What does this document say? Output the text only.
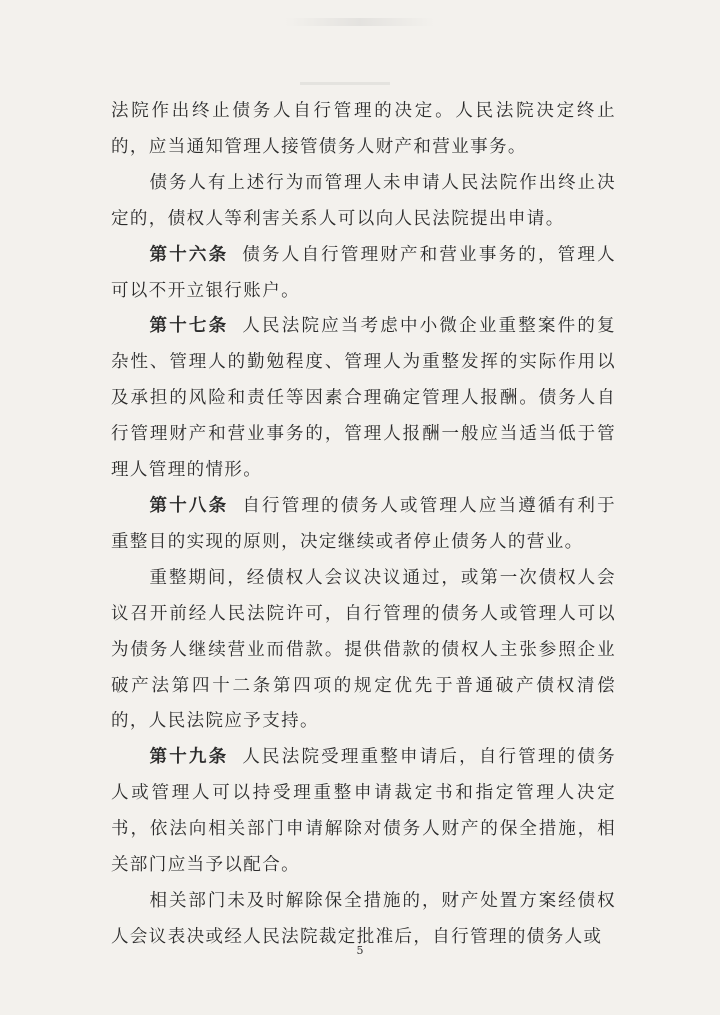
法院作出终止债务人自行管理的决定。人民法院决定终止的，应当通知管理人接管债务人财产和营业事务。

债务人有上述行为而管理人未申请人民法院作出终止决定的，债权人等利害关系人可以向人民法院提出申请。

第十六条 债务人自行管理财产和营业事务的，管理人可以不开立银行账户。

第十七条 人民法院应当考虑中小微企业重整案件的复杂性、管理人的勤勉程度、管理人为重整发挥的实际作用以及承担的风险和责任等因素合理确定管理人报酬。债务人自行管理财产和营业事务的，管理人报酬一般应当适当低于管理人管理的情形。

第十八条 自行管理的债务人或管理人应当遵循有利于重整目的实现的原则，决定继续或者停止债务人的营业。

重整期间，经债权人会议决议通过，或第一次债权人会议召开前经人民法院许可，自行管理的债务人或管理人可以为债务人继续营业而借款。提供借款的债权人主张参照企业破产法第四十二条第四项的规定优先于普通破产债权清偿的，人民法院应予支持。

第十九条 人民法院受理重整申请后，自行管理的债务人或管理人可以持受理重整申请裁定书和指定管理人决定书，依法向相关部门申请解除对债务人财产的保全措施，相关部门应当予以配合。

相关部门未及时解除保全措施的，财产处置方案经债权人会议表决或经人民法院裁定批准后，自行管理的债务人或

5
